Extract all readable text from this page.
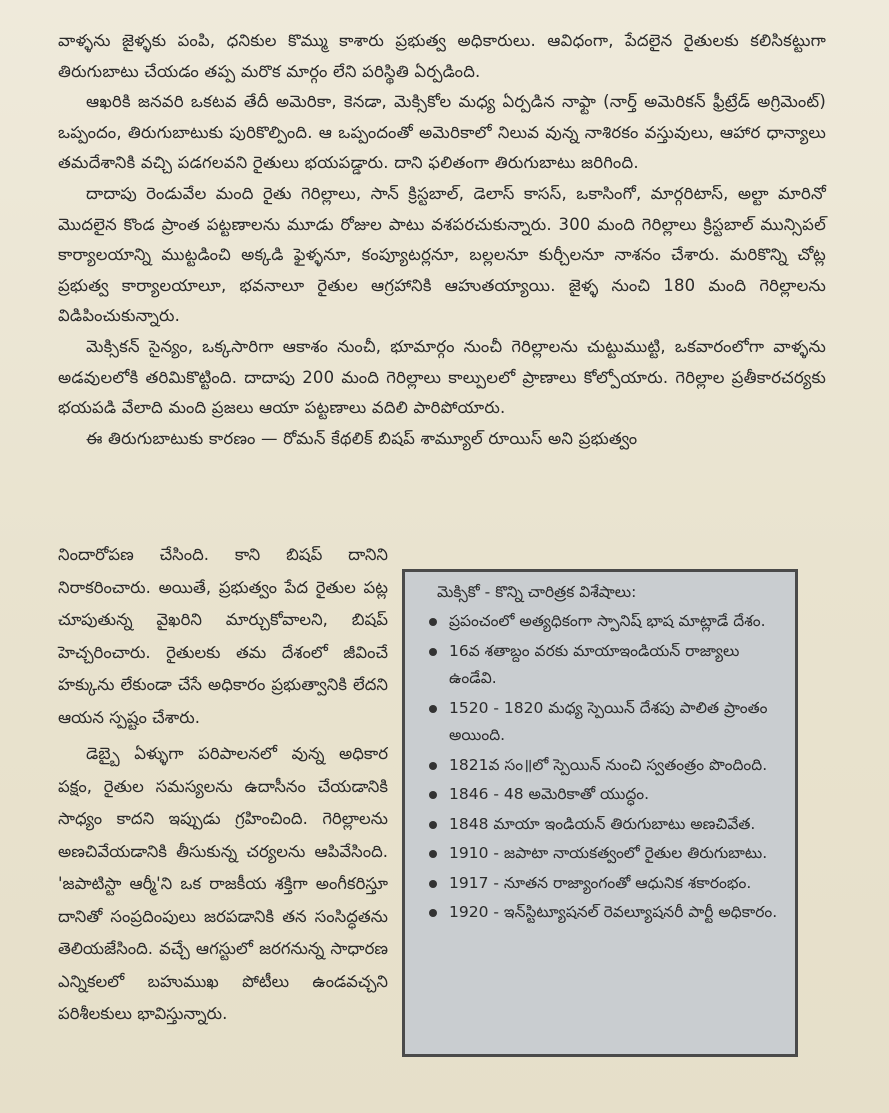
వాళ్ళను జైళ్ళకు పంపి, ధనికుల కొమ్ము కాశారు ప్రభుత్వ అధికారులు. ఆవిధంగా, పేదలైన రైతులకు కలిసికట్టుగా తిరుగుబాటు చేయడం తప్ప మరొక మార్గం లేని పరిస్థితి ఏర్పడింది.

ఆఖరికి జనవరి ఒకటవ తేదీ అమెరికా, కెనడా, మెక్సికోల మధ్య ఏర్పడిన నాఫ్టా (నార్త్ అమెరికన్ ఫ్రీట్రేడ్ అగ్రిమెంట్) ఒప్పందం, తిరుగుబాటుకు పురికొల్పింది. ఆ ఒప్పందంతో అమెరికాలో నిలువ వున్న నాశిరకం వస్తువులు, ఆహార ధాన్యాలు తమదేశానికి వచ్చి పడగలవని రైతులు భయపడ్డారు. దాని ఫలితంగా తిరుగుబాటు జరిగింది.

దాదాపు రెండువేల మంది రైతు గెరిల్లాలు, సాన్ క్రిస్టబాల్, డెలాస్ కాసస్, ఒకాసింగో, మార్గరిటాస్, అల్టా మారినో మొదలైన కొండ ప్రాంత పట్టణాలను మూడు రోజుల పాటు వశపరచుకున్నారు. 300 మంది గెరిల్లాలు క్రిస్టబాల్ మున్సిపల్ కార్యాలయాన్ని ముట్టడించి అక్కడి ఫైళ్ళనూ, కంప్యూటర్లనూ, బల్లలనూ కుర్చీలనూ నాశనం చేశారు. మరికొన్ని చోట్ల ప్రభుత్వ కార్యాలయాలూ, భవనాలూ రైతుల ఆగ్రహానికి ఆహుతయ్యాయి. జైళ్ళ నుంచి 180 మంది గెరిల్లాలను విడిపించుకున్నారు.

మెక్సికన్ సైన్యం, ఒక్కసారిగా ఆకాశం నుంచీ, భూమార్గం నుంచీ గెరిల్లాలను చుట్టుముట్టి, ఒకవారంలోగా వాళ్ళను అడవులలోకి తరిమికొట్టింది. దాదాపు 200 మంది గెరిల్లాలు కాల్పులలో ప్రాణాలు కోల్పోయారు. గెరిల్లాల ప్రతీకారచర్యకు భయపడి వేలాది మంది ప్రజలు ఆయా పట్టణాలు వదిలి పారిపోయారు.

ఈ తిరుగుబాటుకు కారణం — రోమన్ కేథలిక్ బిషప్ శామ్యూల్ రూయిస్ అని ప్రభుత్వం

నిందారోపణ చేసింది. కాని బిషప్ దానిని నిరాకరించారు. అయితే, ప్రభుత్వం పేద రైతుల పట్ల చూపుతున్న వైఖరిని మార్చుకోవాలని, బిషప్ హెచ్చరించారు. రైతులకు తమ దేశంలో జీవించే హక్కును లేకుండా చేసే అధికారం ప్రభుత్వానికి లేదని ఆయన స్పష్టం చేశారు.

డెబ్బై ఏళ్ళుగా పరిపాలనలో వున్న అధికార పక్షం, రైతుల సమస్యలను ఉదాసీనం చేయడానికి సాధ్యం కాదని ఇప్పుడు గ్రహించింది. గెరిల్లాలను అణచివేయడానికి తీసుకున్న చర్యలను ఆపివేసింది. 'జపాటిస్టా ఆర్మీ'ని ఒక రాజకీయ శక్తిగా అంగీకరిస్తూ దానితో సంప్రదింపులు జరపడానికి తన సంసిద్ధతను తెలియజేసింది. వచ్చే ఆగస్టులో జరగనున్న సాధారణ ఎన్నికలలో బహుముఖ పోటీలు ఉండవచ్చని పరిశీలకులు భావిస్తున్నారు.

మెక్సికో - కొన్ని చారిత్రక విశేషాలు:
ప్రపంచంలో అత్యధికంగా స్పానిష్ భాష మాట్లాడే దేశం.
16వ శతాబ్దం వరకు మాయాఇండియన్ రాజ్యాలు ఉండేవి.
1520 - 1820 మధ్య స్పెయిన్ దేశపు పాలిత ప్రాంతం అయింది.
1821వ సం॥లో స్పెయిన్ నుంచి స్వతంత్రం పొందింది.
1846 - 48 అమెరికాతో యుద్ధం.
1848 మాయా ఇండియన్ తిరుగుబాటు అణచివేత.
1910 - జపాటా నాయకత్వంలో రైతుల తిరుగుబాటు.
1917 - నూతన రాజ్యాంగంతో ఆధునిక శకారంభం.
1920 - ఇన్‌స్టిట్యూషనల్ రెవల్యూషనరీ పార్టీ అధికారం.
